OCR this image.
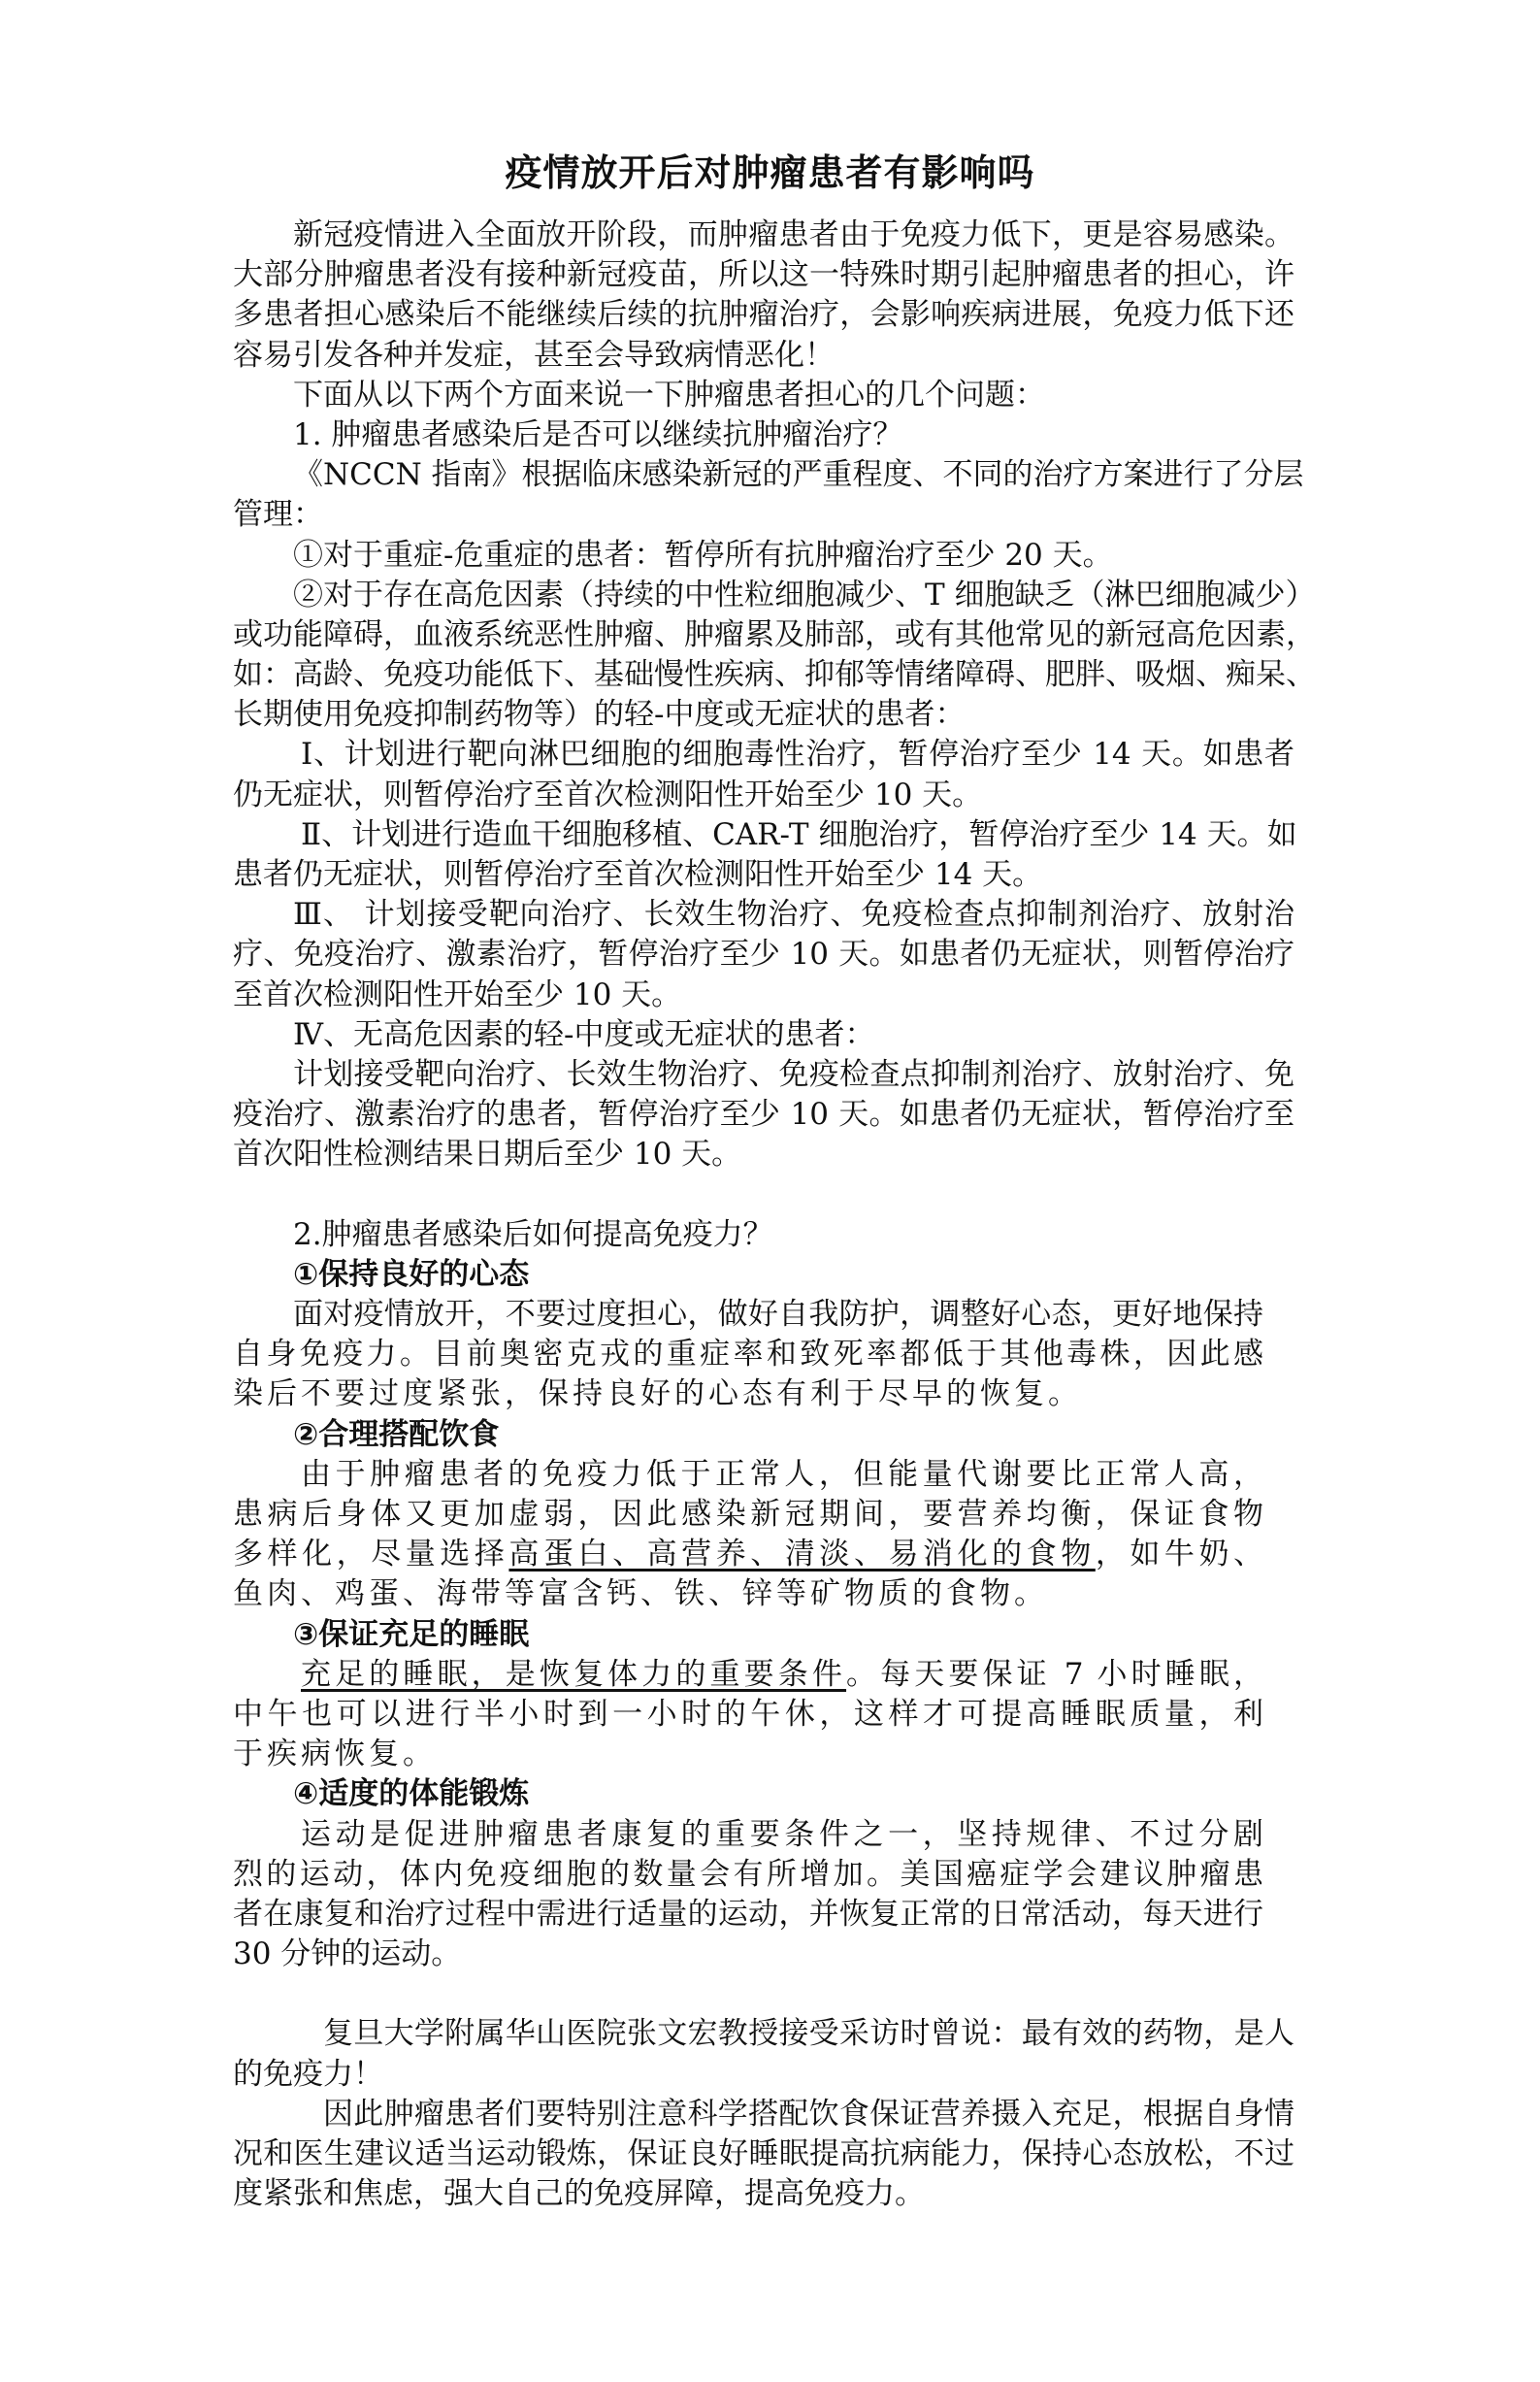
疫情放开后对肿瘤患者有影响吗
新冠疫情进入全面放开阶段，而肿瘤患者由于免疫力低下，更是容易感染。
大部分肿瘤患者没有接种新冠疫苗，所以这一特殊时期引起肿瘤患者的担心，许
多患者担心感染后不能继续后续的抗肿瘤治疗，会影响疾病进展，免疫力低下还
容易引发各种并发症，甚至会导致病情恶化！
下面从以下两个方面来说一下肿瘤患者担心的几个问题：
1. 肿瘤患者感染后是否可以继续抗肿瘤治疗？
《NCCN 指南》根据临床感染新冠的严重程度、不同的治疗方案进行了分层
管理：
①对于重症-危重症的患者：暂停所有抗肿瘤治疗至少 20 天。
②对于存在高危因素（持续的中性粒细胞减少、T 细胞缺乏（淋巴细胞减少）
或功能障碍，血液系统恶性肿瘤、肿瘤累及肺部，或有其他常见的新冠高危因素，
如：高龄、免疫功能低下、基础慢性疾病、抑郁等情绪障碍、肥胖、吸烟、痴呆、
长期使用免疫抑制药物等）的轻-中度或无症状的患者：
Ⅰ、计划进行靶向淋巴细胞的细胞毒性治疗，暂停治疗至少 14 天。如患者
仍无症状，则暂停治疗至首次检测阳性开始至少 10 天。
Ⅱ、计划进行造血干细胞移植、CAR-T 细胞治疗，暂停治疗至少 14 天。如
患者仍无症状，则暂停治疗至首次检测阳性开始至少 14 天。
Ⅲ、 计划接受靶向治疗、长效生物治疗、免疫检查点抑制剂治疗、放射治
疗、免疫治疗、激素治疗，暂停治疗至少 10 天。如患者仍无症状，则暂停治疗
至首次检测阳性开始至少 10 天。
Ⅳ、无高危因素的轻-中度或无症状的患者：
计划接受靶向治疗、长效生物治疗、免疫检查点抑制剂治疗、放射治疗、免
疫治疗、激素治疗的患者，暂停治疗至少 10 天。如患者仍无症状，暂停治疗至
首次阳性检测结果日期后至少 10 天。
2.肿瘤患者感染后如何提高免疫力？
①保持良好的心态
面对疫情放开，不要过度担心，做好自我防护，调整好心态，更好地保持
自身免疫力。目前奥密克戎的重症率和致死率都低于其他毒株，因此感
染后不要过度紧张，保持良好的心态有利于尽早的恢复。
②合理搭配饮食
由于肿瘤患者的免疫力低于正常人，但能量代谢要比正常人高，
患病后身体又更加虚弱，因此感染新冠期间，要营养均衡，保证食物
多样化，尽量选择高蛋白、高营养、清淡、易消化的食物，如牛奶、
鱼肉、鸡蛋、海带等富含钙、铁、锌等矿物质的食物。
③保证充足的睡眠
充足的睡眠，是恢复体力的重要条件。每天要保证 7 小时睡眠，
中午也可以进行半小时到一小时的午休，这样才可提高睡眠质量，利
于疾病恢复。
④适度的体能锻炼
运动是促进肿瘤患者康复的重要条件之一，坚持规律、不过分剧
烈的运动，体内免疫细胞的数量会有所增加。美国癌症学会建议肿瘤患
者在康复和治疗过程中需进行适量的运动，并恢复正常的日常活动，每天进行
30 分钟的运动。
复旦大学附属华山医院张文宏教授接受采访时曾说：最有效的药物，是人
的免疫力！
因此肿瘤患者们要特别注意科学搭配饮食保证营养摄入充足，根据自身情
况和医生建议适当运动锻炼，保证良好睡眠提高抗病能力，保持心态放松，不过
度紧张和焦虑，强大自己的免疫屏障，提高免疫力。
